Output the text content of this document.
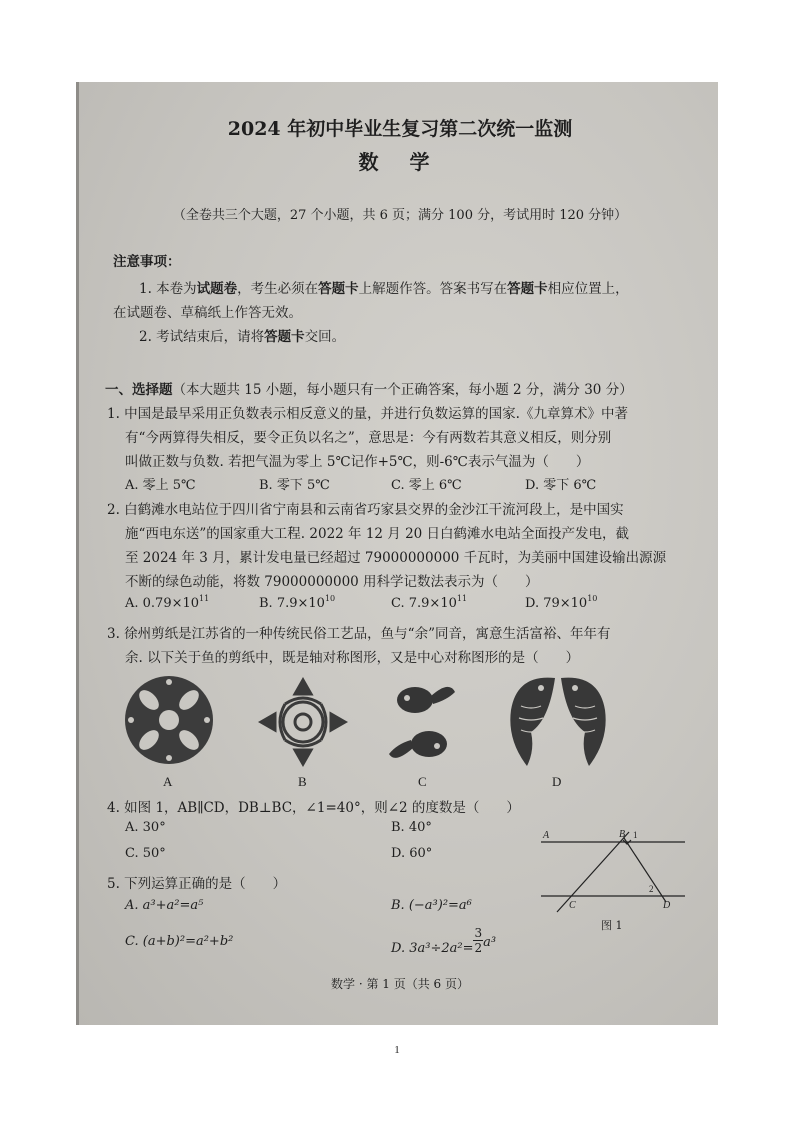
2024 年初中毕业生复习第二次统一监测
数 学
（全卷共三个大题，27 个小题，共 6 页；满分 100 分，考试用时 120 分钟）
注意事项：
1. 本卷为试题卷，考生必须在答题卡上解题作答。答案书写在答题卡相应位置上，
在试题卷、草稿纸上作答无效。
2. 考试结束后，请将答题卡交回。
一、选择题（本大题共 15 小题，每小题只有一个正确答案，每小题 2 分，满分 30 分）
1. 中国是最早采用正负数表示相反意义的量，并进行负数运算的国家.《九章算术》中著
有“今两算得失相反，要令正负以名之”，意思是：今有两数若其意义相反，则分别
叫做正数与负数. 若把气温为零上 5℃记作+5℃，则-6℃表示气温为（　　）
A. 零上 5℃	B. 零下 5℃	C. 零上 6℃	D. 零下 6℃
2. 白鹤滩水电站位于四川省宁南县和云南省巧家县交界的金沙江干流河段上，是中国实
施“西电东送”的国家重大工程. 2022 年 12 月 20 日白鹤滩水电站全面投产发电，截
至 2024 年 3 月，累计发电量已经超过 79000000000 千瓦时，为美丽中国建设输出源源
不断的绿色动能，将数 79000000000 用科学记数法表示为（　　）
A. $0.79\times 10^{11}$	B. $7.9\times 10^{10}$	C. $7.9\times 10^{11}$	D. $79\times 10^{10}$
3. 徐州剪纸是江苏省的一种传统民俗工艺品，鱼与“余”同音，寓意生活富裕、年年有
余. 以下关于鱼的剪纸中，既是轴对称图形，又是中心对称图形的是（　　）
A	B	C	D
4. 如图 1，AB∥CD，DB⊥BC，∠1=40°，则∠2 的度数是（　　）
A. 30°	B. 40°
C. 50°	D. 60°
5. 下列运算正确的是（　　）
A. a³+a²=a⁵	B. (−a³)²=a⁶
C. (a+b)²=a²+b²	D. $3a^3\div 2a^2= \frac{3}{2} a^3$
A	B 1
2
C	D
图 1
数学 · 第 1 页（共 6 页）
1
